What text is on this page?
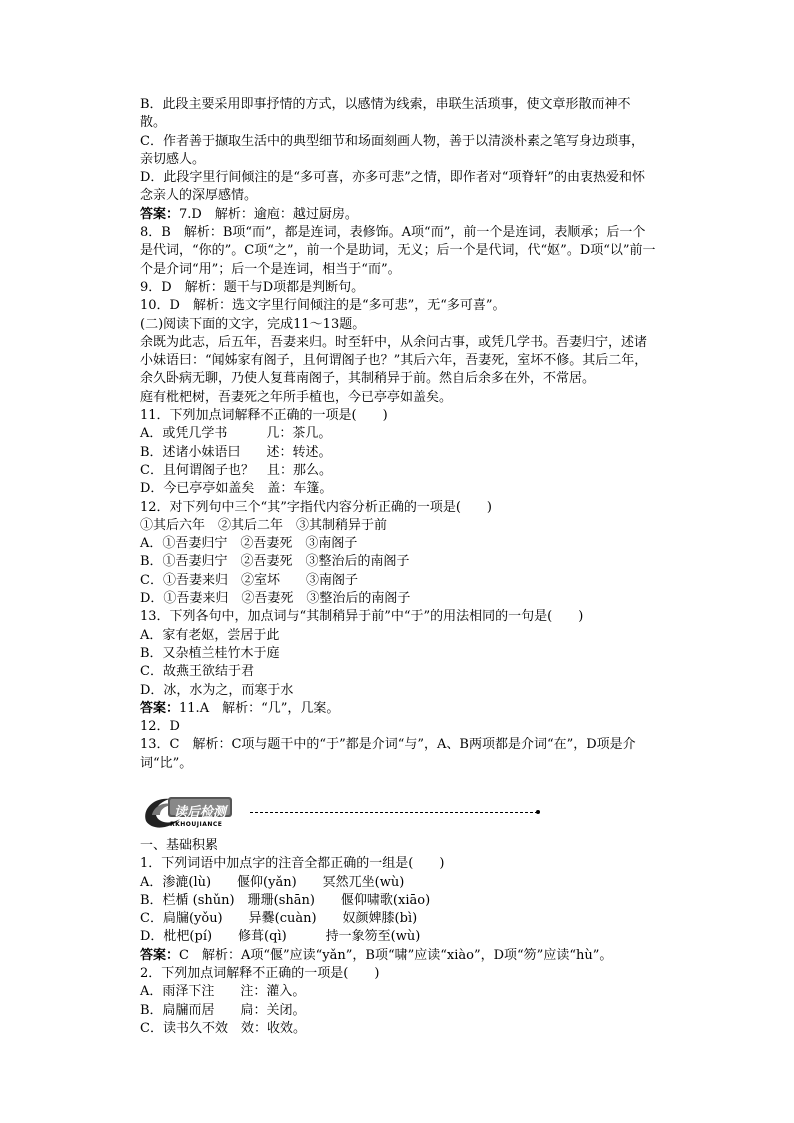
B．此段主要采用即事抒情的方式，以感情为线索，串联生活琐事，使文章形散而神不散。

C．作者善于撷取生活中的典型细节和场面刻画人物，善于以清淡朴素之笔写身边琐事，亲切感人。

D．此段字里行间倾注的是“多可喜，亦多可悲”之情，即作者对“项脊轩”的由衷热爱和怀念亲人的深厚感情。

答案：7.D　解析：逾庖：越过厨房。

8．B　解析：B项“而”，都是连词，表修饰。A项“而”，前一个是连词，表顺承；后一个是代词，“你的”。C项“之”，前一个是助词，无义；后一个是代词，代“妪”。D项“以”前一个是介词“用”；后一个是连词，相当于“而”。

9．D　解析：题干与D项都是判断句。

10．D　解析：选文字里行间倾注的是“多可悲”，无“多可喜”。

(二)阅读下面的文字，完成11～13题。

余既为此志，后五年，吾妻来归。时至轩中，从余问古事，或凭几学书。吾妻归宁，述诸小妹语曰：“闻姊家有阁子，且何谓阁子也？”其后六年，吾妻死，室坏不修。其后二年，余久卧病无聊，乃使人复葺南阁子，其制稍异于前。然自后余多在外，不常居。

庭有枇杷树，吾妻死之年所手植也，今已亭亭如盖矣。

11．下列加点词解释不正确的一项是(　　)

A．或凭几学书　　　几：茶几。

B．述诸小妹语曰　　述：转述。

C．且何谓阁子也？　且：那么。

D．今已亭亭如盖矣　盖：车篷。

12．对下列句中三个“其”字指代内容分析正确的一项是(　　)

①其后六年　②其后二年　③其制稍异于前

A．①吾妻归宁　②吾妻死　③南阁子

B．①吾妻归宁　②吾妻死　③整治后的南阁子

C．①吾妻来归　②室坏　　③南阁子

D．①吾妻来归　②吾妻死　③整治后的南阁子

13．下列各句中，加点词与“其制稍异于前”中“于”的用法相同的一句是(　　)

A．家有老妪，尝居于此

B．又杂植兰桂竹木于庭

C．故燕王欲结于君

D．冰，水为之，而寒于水

答案：11.A　解析：“几”，几案。

12．D

13．C　解析：C项与题干中的“于”都是介词“与”，A、B两项都是介词“在”，D项是介词“比”。

读后检测
RKHOUJIANCE

一、基础积累

1．下列词语中加点字的注音全都正确的一组是(　　)

A．渗漉(lù)　　偃仰(yǎn)　　冥然兀坐(wù)

B．栏楯 (shǔn)　珊珊(shān)　　偃仰啸歌(xiāo)

C．扃牖(yǒu)　　异爨(cuàn)　　奴颜婢膝(bì)

D．枇杷(pí)　　修葺(qì)　　　持一象笏至(wù)

答案：C　解析：A项“偃”应读“yǎn”，B项“啸”应读“xiào”，D项“笏”应读“hù”。

2．下列加点词解释不正确的一项是(　　)

A．雨泽下注　　注：灌入。

B．扃牖而居　　扃：关闭。

C．读书久不效　效：收效。
